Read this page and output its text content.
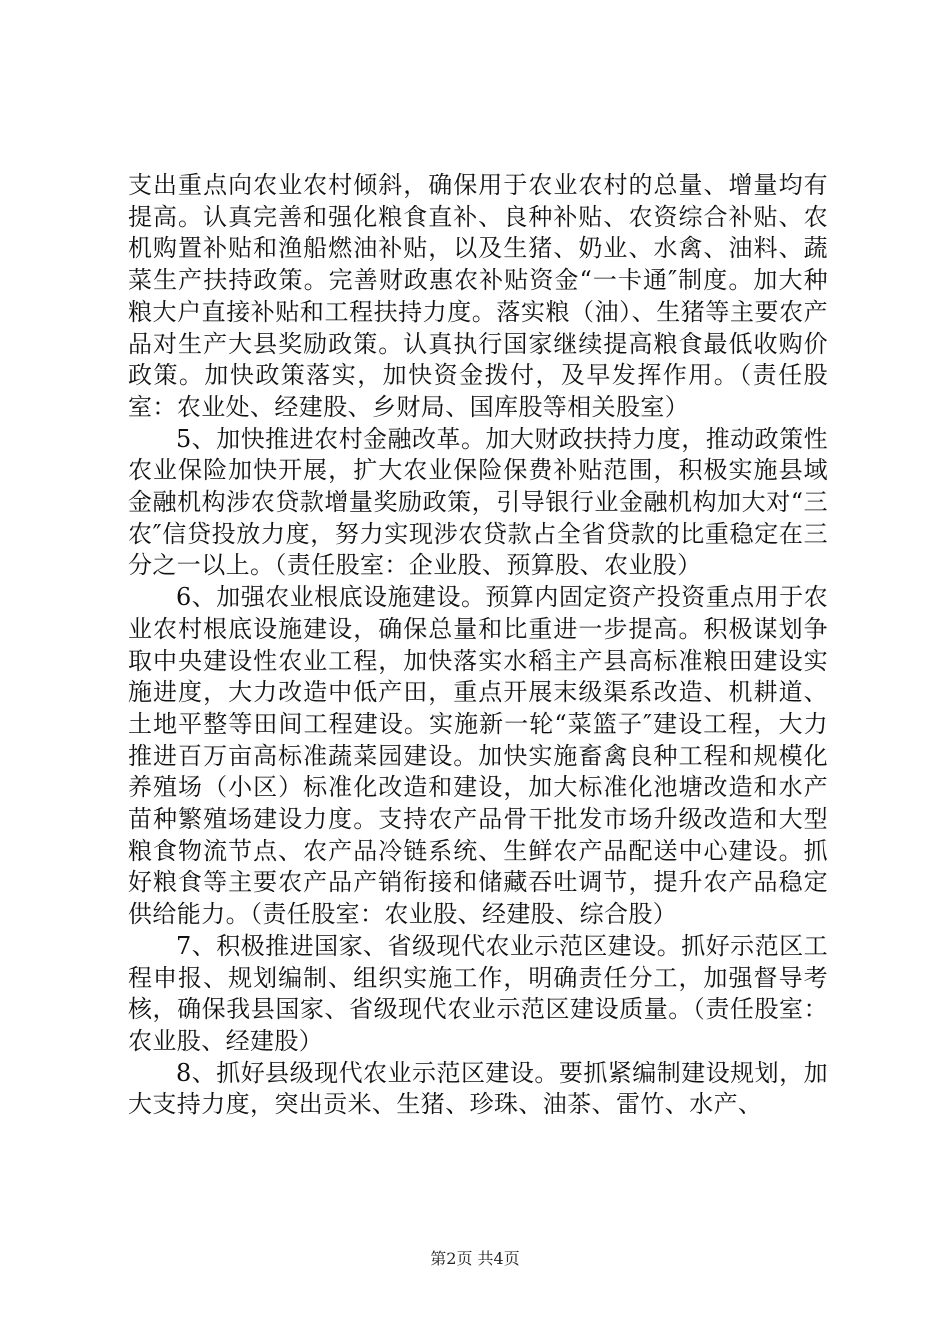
支出重点向农业农村倾斜，确保用于农业农村的总量、增量均有提高。认真完善和强化粮食直补、良种补贴、农资综合补贴、农机购置补贴和渔船燃油补贴，以及生猪、奶业、水禽、油料、蔬菜生产扶持政策。完善财政惠农补贴资金“一卡通″制度。加大种粮大户直接补贴和工程扶持力度。落实粮（油）、生猪等主要农产品对生产大县奖励政策。认真执行国家继续提高粮食最低收购价政策。加快政策落实，加快资金拨付，及早发挥作用。（责任股室：农业处、经建股、乡财局、国库股等相关股室）

5、加快推进农村金融改革。加大财政扶持力度，推动政策性农业保险加快开展，扩大农业保险保费补贴范围，积极实施县域金融机构涉农贷款增量奖励政策，引导银行业金融机构加大对“三农″信贷投放力度，努力实现涉农贷款占全省贷款的比重稳定在三分之一以上。（责任股室：企业股、预算股、农业股）

6、加强农业根底设施建设。预算内固定资产投资重点用于农业农村根底设施建设，确保总量和比重进一步提高。积极谋划争取中央建设性农业工程，加快落实水稻主产县高标准粮田建设实施进度，大力改造中低产田，重点开展末级渠系改造、机耕道、土地平整等田间工程建设。实施新一轮“菜篮子″建设工程，大力推进百万亩高标准蔬菜园建设。加快实施畜禽良种工程和规模化养殖场（小区）标准化改造和建设，加大标准化池塘改造和水产苗种繁殖场建设力度。支持农产品骨干批发市场升级改造和大型粮食物流节点、农产品冷链系统、生鲜农产品配送中心建设。抓好粮食等主要农产品产销衔接和储藏吞吐调节，提升农产品稳定供给能力。（责任股室：农业股、经建股、综合股）

7、积极推进国家、省级现代农业示范区建设。抓好示范区工程申报、规划编制、组织实施工作，明确责任分工，加强督导考核，确保我县国家、省级现代农业示范区建设质量。（责任股室：农业股、经建股）

8、抓好县级现代农业示范区建设。要抓紧编制建设规划，加大支持力度，突出贡米、生猪、珍珠、油茶、雷竹、水产、

第2页 共4页
